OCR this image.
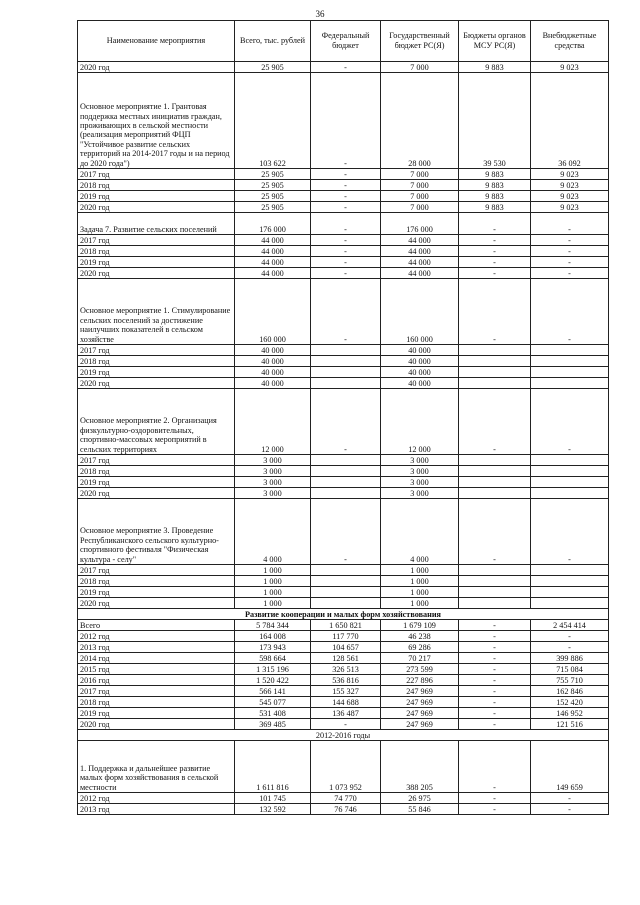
36
Наименование мероприятия	Всего, тыс. рублей	Федеральный бюджет	Государственный бюджет РС(Я)	Бюджеты органов МСУ РС(Я)	Внебюджетные средства
2020 год	25 905	-	7 000	9 883	9 023
Основное мероприятие 1. Грантовая поддержка местных инициатив граждан, проживающих в сельской местности (реализация мероприятий ФЦП "Устойчивое развитие сельских территорий на 2014-2017 годы и на период до 2020 года")	103 622	-	28 000	39 530	36 092
2017 год	25 905	-	7 000	9 883	9 023
2018 год	25 905	-	7 000	9 883	9 023
2019 год	25 905	-	7 000	9 883	9 023
2020 год	25 905	-	7 000	9 883	9 023
Задача 7. Развитие сельских поселений	176 000	-	176 000	-	-
2017 год	44 000	-	44 000	-	-
2018 год	44 000	-	44 000	-	-
2019 год	44 000	-	44 000	-	-
2020 год	44 000	-	44 000	-	-
Основное мероприятие 1. Стимулирование сельских поселений за достижение наилучших показателей в сельском хозяйстве	160 000	-	160 000	-	-
2017 год	40 000		40 000		
2018 год	40 000		40 000		
2019 год	40 000		40 000		
2020 год	40 000		40 000		
Основное мероприятие 2. Организация физкультурно-оздоровительных, спортивно-массовых мероприятий в сельских территориях	12 000	-	12 000	-	-
2017 год	3 000		3 000		
2018 год	3 000		3 000		
2019 год	3 000		3 000		
2020 год	3 000		3 000		
Основное мероприятие 3. Проведение Республиканского сельского культурно-спортивного фестиваля "Физическая культура - селу"	4 000	-	4 000	-	-
2017 год	1 000		1 000		
2018 год	1 000		1 000		
2019 год	1 000		1 000		
2020 год	1 000		1 000		
Развитие кооперации и малых форм хозяйствования					
Всего	5 784 344	1 650 821	1 679 109	-	2 454 414
2012 год	164 008	117 770	46 238	-	-
2013 год	173 943	104 657	69 286	-	-
2014 год	598 664	128 561	70 217	-	399 886
2015 год	1 315 196	326 513	273 599	-	715 084
2016 год	1 520 422	536 816	227 896	-	755 710
2017 год	566 141	155 327	247 969	-	162 846
2018 год	545 077	144 688	247 969	-	152 420
2019 год	531 408	136 487	247 969	-	146 952
2020 год	369 485	-	247 969	-	121 516
2012-2016 годы					
1. Поддержка и дальнейшее развитие малых форм хозяйствования в сельской местности	1 611 816	1 073 952	388 205	-	149 659
2012 год	101 745	74 770	26 975	-	-
2013 год	132 592	76 746	55 846	-	-
